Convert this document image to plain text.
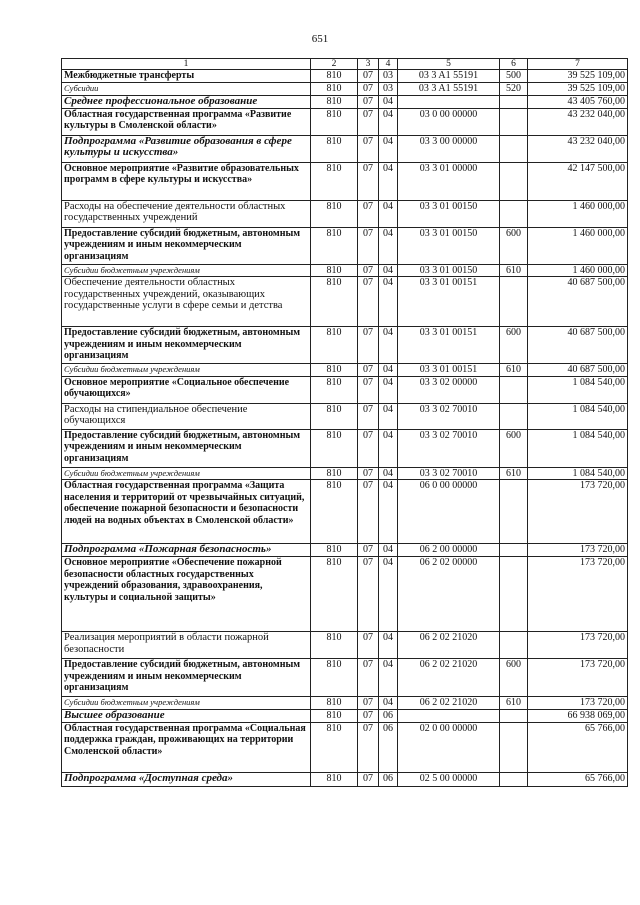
651
1	2	3	4	5	6	7
Межбюджетные трансферты	810	07	03	03 3 A1 55191	500	39 525 109,00
Субсидии	810	07	03	03 3 A1 55191	520	39 525 109,00
Среднее профессиональное образование	810	07	04			43 405 760,00
Областная государственная программа «Развитие культуры в Смоленской области»	810	07	04	03 0 00 00000		43 232 040,00
Подпрограмма «Развитие образования в сфере культуры и искусства»	810	07	04	03 3 00 00000		43 232 040,00
Основное мероприятие «Развитие образовательных программ в сфере культуры и искусства»	810	07	04	03 3 01 00000		42 147 500,00
Расходы на обеспечение деятельности областных государственных учреждений	810	07	04	03 3 01 00150		1 460 000,00
Предоставление субсидий бюджетным, автономным учреждениям и иным некоммерческим организациям	810	07	04	03 3 01 00150	600	1 460 000,00
Субсидии бюджетным учреждениям	810	07	04	03 3 01 00150	610	1 460 000,00
Обеспечение деятельности областных государственных учреждений, оказывающих государственные услуги в сфере семьи и детства	810	07	04	03 3 01 00151		40 687 500,00
Предоставление субсидий бюджетным, автономным учреждениям и иным некоммерческим организациям	810	07	04	03 3 01 00151	600	40 687 500,00
Субсидии бюджетным учреждениям	810	07	04	03 3 01 00151	610	40 687 500,00
Основное мероприятие «Социальное обеспечение обучающихся»	810	07	04	03 3 02 00000		1 084 540,00
Расходы на стипендиальное обеспечение обучающихся	810	07	04	03 3 02 70010		1 084 540,00
Предоставление субсидий бюджетным, автономным учреждениям и иным некоммерческим организациям	810	07	04	03 3 02 70010	600	1 084 540,00
Субсидии бюджетным учреждениям	810	07	04	03 3 02 70010	610	1 084 540,00
Областная государственная программа «Защита населения и территорий от чрезвычайных ситуаций, обеспечение пожарной безопасности и безопасности людей на водных объектах в Смоленской области»	810	07	04	06 0 00 00000		173 720,00
Подпрограмма «Пожарная безопасность»	810	07	04	06 2 00 00000		173 720,00
Основное мероприятие «Обеспечение пожарной безопасности областных государственных учреждений образования, здравоохранения, культуры и социальной защиты»	810	07	04	06 2 02 00000		173 720,00
Реализация мероприятий в области пожарной безопасности	810	07	04	06 2 02 21020		173 720,00
Предоставление субсидий бюджетным, автономным учреждениям и иным некоммерческим организациям	810	07	04	06 2 02 21020	600	173 720,00
Субсидии бюджетным учреждениям	810	07	04	06 2 02 21020	610	173 720,00
Высшее образование	810	07	06			66 938 069,00
Областная государственная программа «Социальная поддержка граждан, проживающих на территории Смоленской области»	810	07	06	02 0 00 00000		65 766,00
Подпрограмма «Доступная среда»	810	07	06	02 5 00 00000		65 766,00
